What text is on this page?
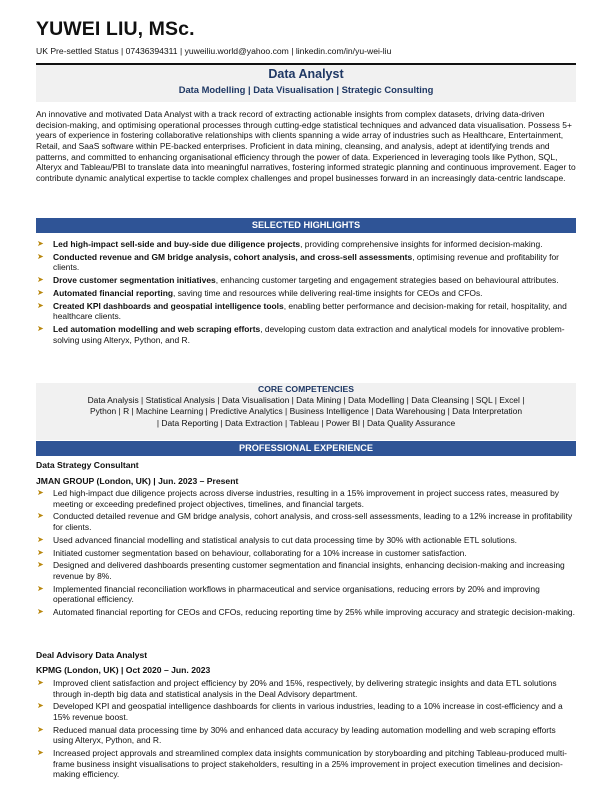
YUWEI LIU, MSc.
UK Pre-settled Status | 07436394311 | yuweiliu.world@yahoo.com | linkedin.com/in/yu-wei-liu
Data Analyst
Data Modelling | Data Visualisation | Strategic Consulting
An innovative and motivated Data Analyst with a track record of extracting actionable insights from complex datasets, driving data-driven decision-making, and optimising operational processes through cutting-edge statistical techniques and advanced data visualisation. Possess 5+ years of experience in fostering collaborative relationships with clients spanning a wide array of industries such as Healthcare, Entertainment, Retail, and SaaS software within PE-backed enterprises. Proficient in data mining, cleansing, and analysis, adept at identifying trends and patterns, and committed to enhancing organisational efficiency through the power of data. Experienced in leveraging tools like Python, SQL, Alteryx and Tableau/PBI to translate data into meaningful narratives, fostering informed strategic planning and continuous improvement. Eager to contribute dynamic analytical expertise to tackle complex challenges and propel businesses forward in an increasingly data-centric landscape.
SELECTED HIGHLIGHTS
➤ Led high-impact sell-side and buy-side due diligence projects, providing comprehensive insights for informed decision-making.
➤ Conducted revenue and GM bridge analysis, cohort analysis, and cross-sell assessments, optimising revenue and profitability for clients.
➤ Drove customer segmentation initiatives, enhancing customer targeting and engagement strategies based on behavioural attributes.
➤ Automated financial reporting, saving time and resources while delivering real-time insights for CEOs and CFOs.
➤ Created KPI dashboards and geospatial intelligence tools, enabling better performance and decision-making for retail, hospitality, and healthcare clients.
➤ Led automation modelling and web scraping efforts, developing custom data extraction and analytical models for innovative problem-solving using Alteryx, Python, and R.
CORE COMPETENCIES
Data Analysis | Statistical Analysis | Data Visualisation | Data Mining | Data Modelling | Data Cleansing | SQL | Excel |
Python | R | Machine Learning | Predictive Analytics | Business Intelligence | Data Warehousing | Data Interpretation
| Data Reporting | Data Extraction | Tableau | Power BI | Data Quality Assurance
PROFESSIONAL EXPERIENCE
Data Strategy Consultant
JMAN GROUP (London, UK) | Jun. 2023 – Present
➤ Led high-impact due diligence projects across diverse industries, resulting in a 15% improvement in project success rates, measured by meeting or exceeding predefined project objectives, timelines, and financial targets.
➤ Conducted detailed revenue and GM bridge analysis, cohort analysis, and cross-sell assessments, leading to a 12% increase in profitability for clients.
➤ Used advanced financial modelling and statistical analysis to cut data processing time by 30% with actionable ETL solutions.
➤ Initiated customer segmentation based on behaviour, collaborating for a 10% increase in customer satisfaction.
➤ Designed and delivered dashboards presenting customer segmentation and financial insights, enhancing decision-making and increasing revenue by 8%.
➤ Implemented financial reconciliation workflows in pharmaceutical and service organisations, reducing errors by 20% and improving operational efficiency.
➤ Automated financial reporting for CEOs and CFOs, reducing reporting time by 25% while improving accuracy and strategic decision-making.
Deal Advisory Data Analyst
KPMG (London, UK) | Oct 2020 – Jun. 2023
➤ Improved client satisfaction and project efficiency by 20% and 15%, respectively, by delivering strategic insights and data ETL solutions through in-depth big data and statistical analysis in the Deal Advisory department.
➤ Developed KPI and geospatial intelligence dashboards for clients in various industries, leading to a 10% increase in cost-efficiency and a 15% revenue boost.
➤ Reduced manual data processing time by 30% and enhanced data accuracy by leading automation modelling and web scraping efforts using Alteryx, Python, and R.
➤ Increased project approvals and streamlined complex data insights communication by storyboarding and pitching Tableau-produced multi-frame business insight visualisations to project stakeholders, resulting in a 25% improvement in project execution timelines and decision-making efficiency.
